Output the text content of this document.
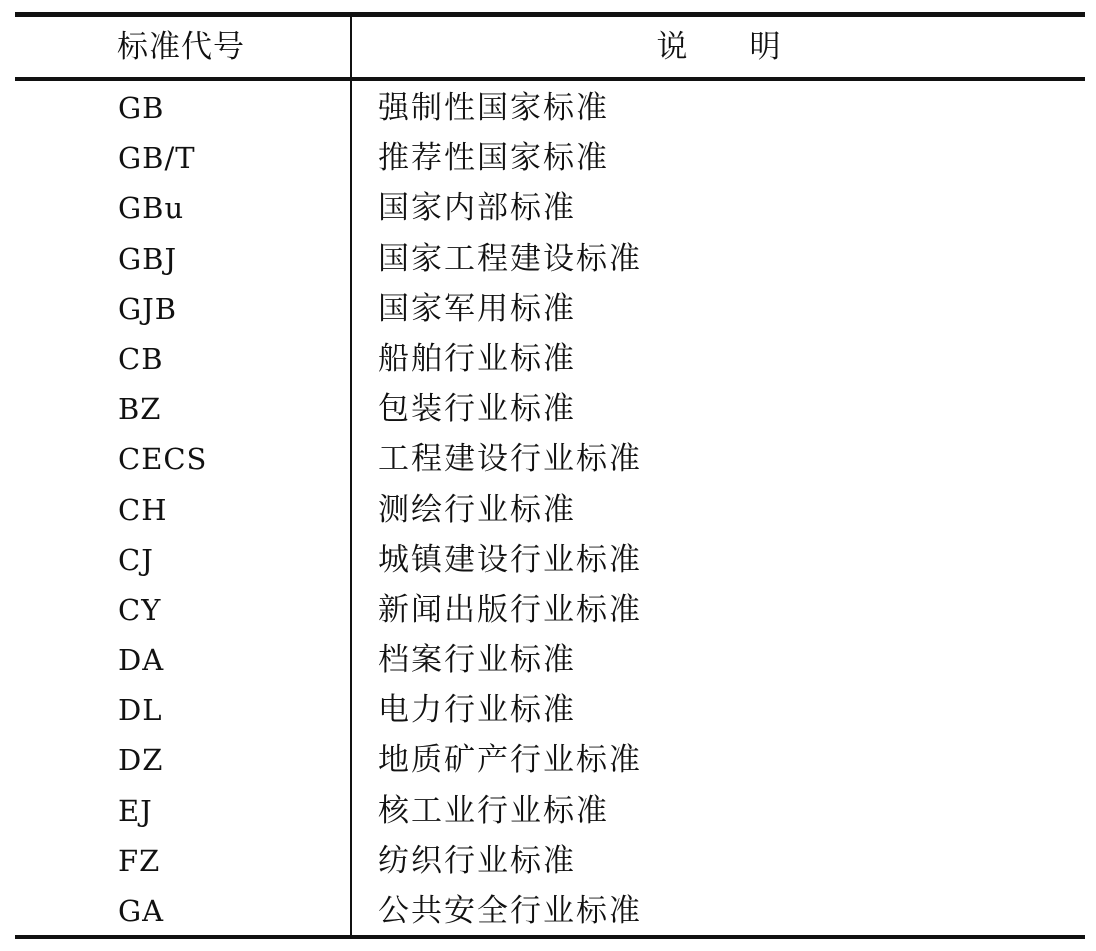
标准代号	说　　明
GB	强制性国家标准
GB/T	推荐性国家标准
GBu	国家内部标准
GBJ	国家工程建设标准
GJB	国家军用标准
CB	船舶行业标准
BZ	包装行业标准
CECS	工程建设行业标准
CH	测绘行业标准
CJ	城镇建设行业标准
CY	新闻出版行业标准
DA	档案行业标准
DL	电力行业标准
DZ	地质矿产行业标准
EJ	核工业行业标准
FZ	纺织行业标准
GA	公共安全行业标准
